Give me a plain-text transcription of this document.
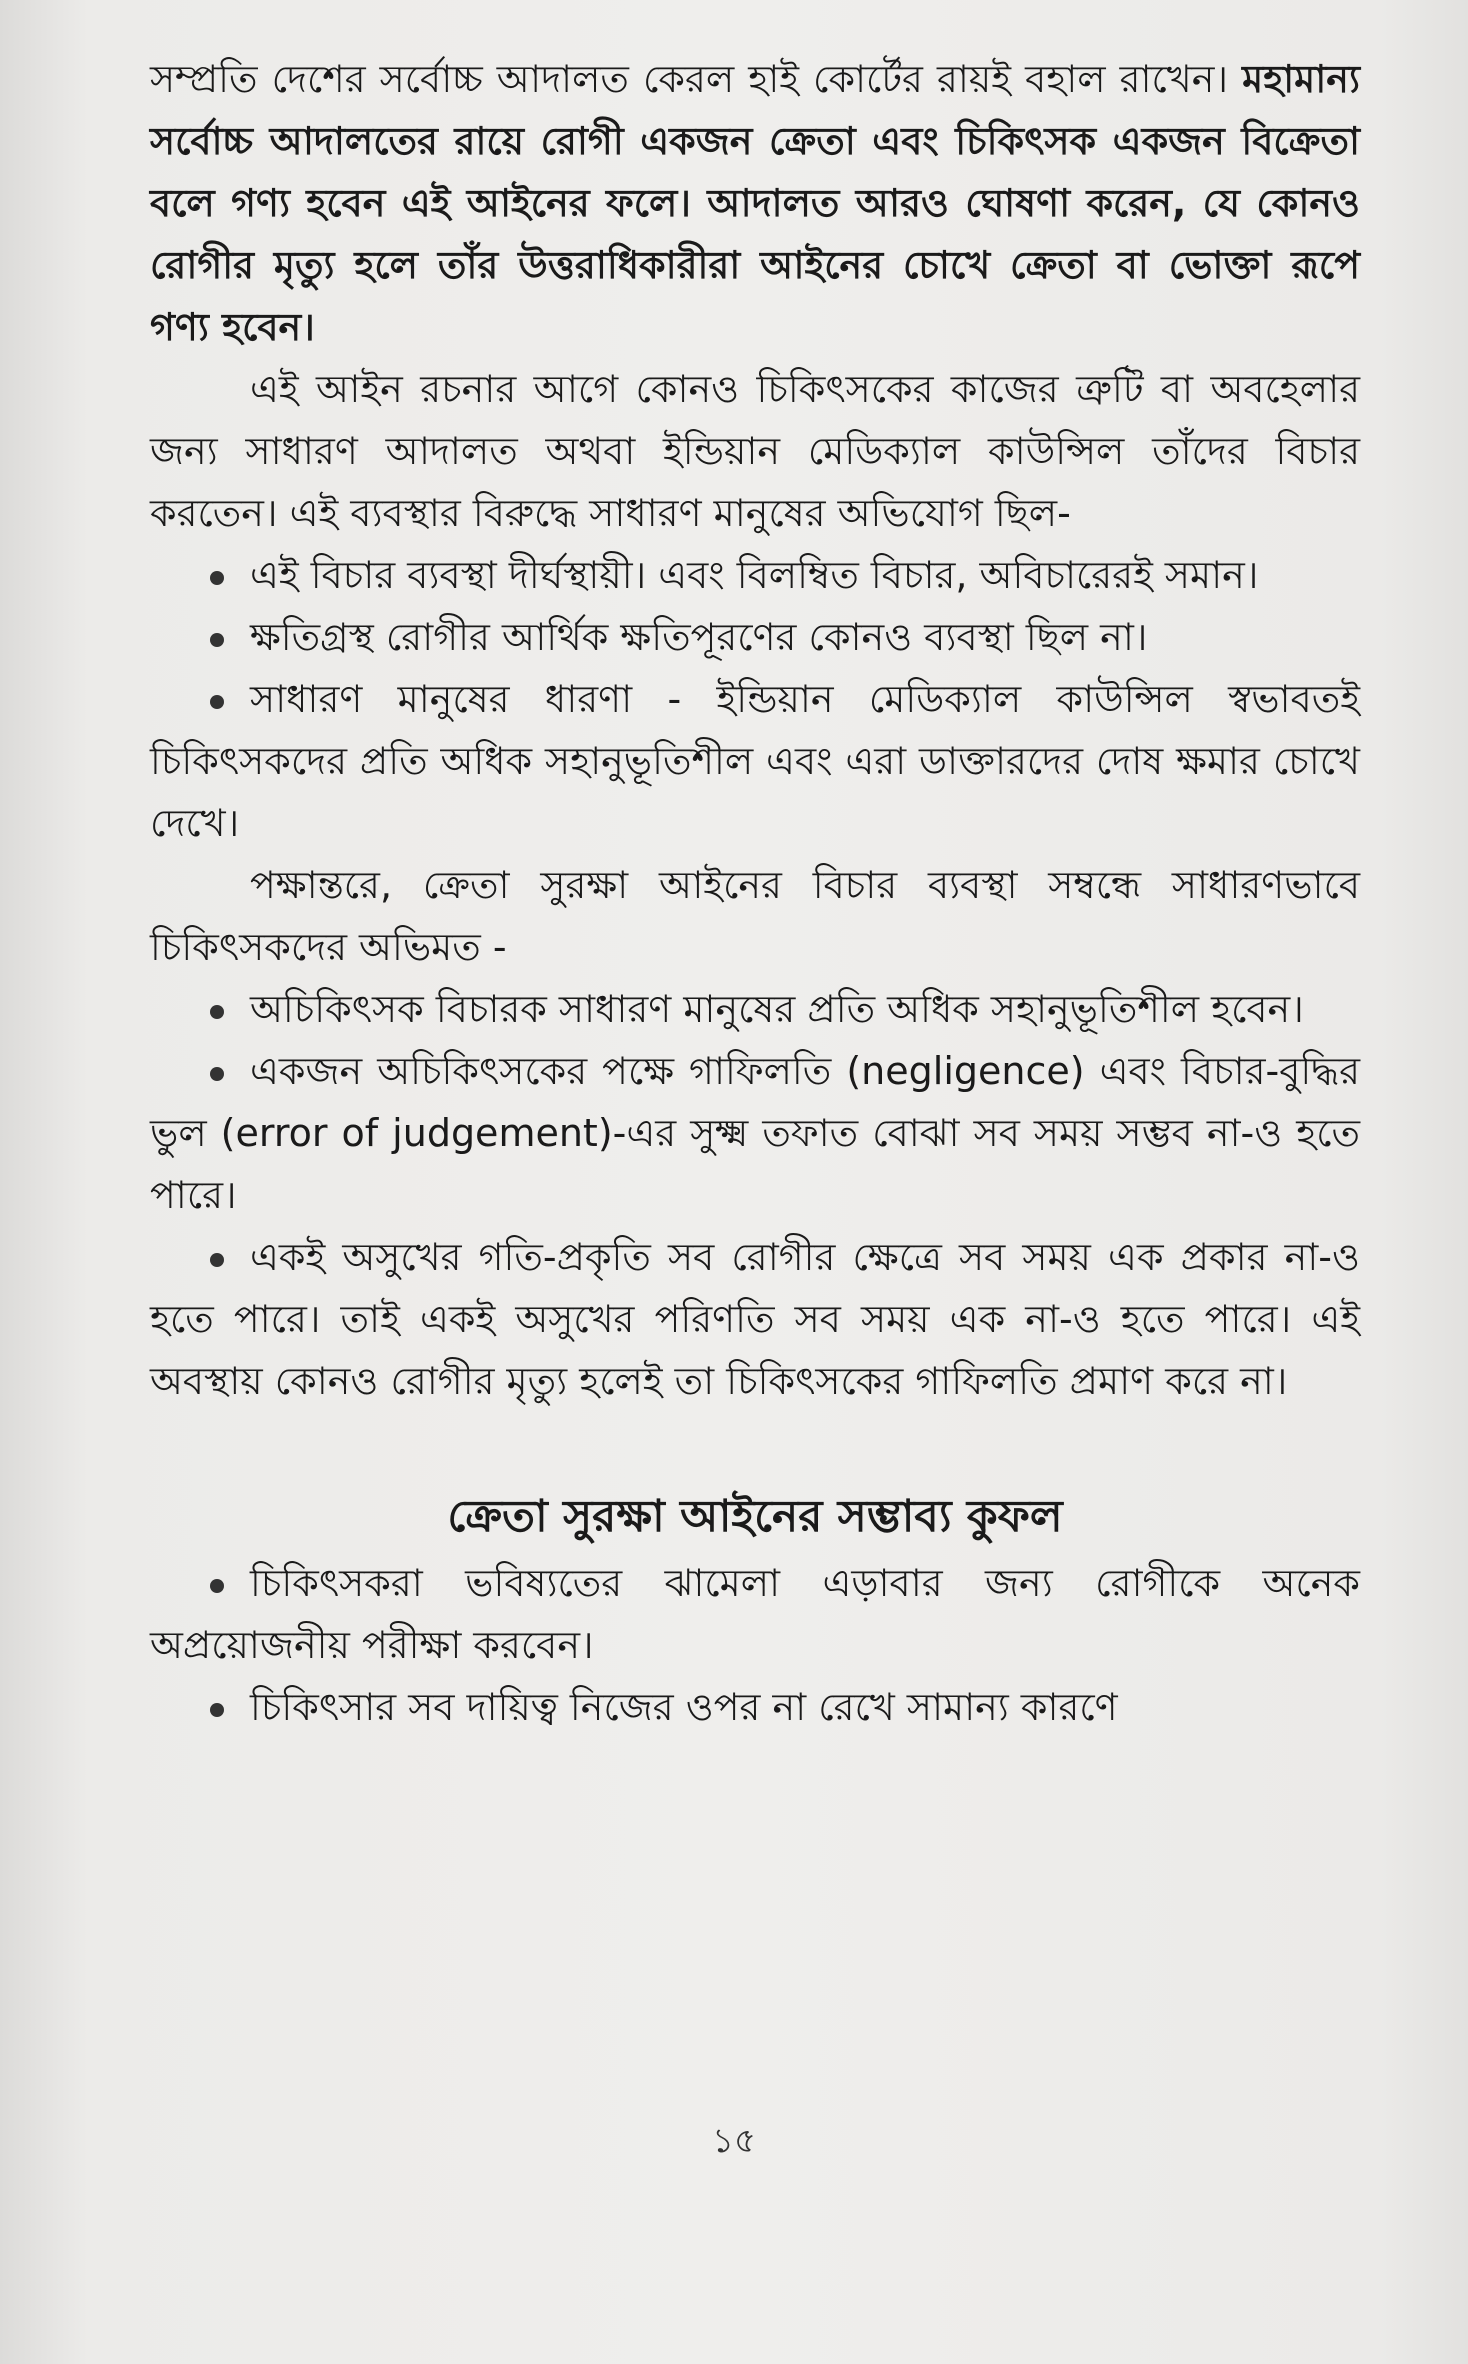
সম্প্রতি দেশের সর্বোচ্চ আদালত কেরল হাই কোর্টের রায়ই বহাল রাখেন। মহামান্য সর্বোচ্চ আদালতের রায়ে রোগী একজন ক্রেতা এবং চিকিৎসক একজন বিক্রেতা বলে গণ্য হবেন এই আইনের ফলে। আদালত আরও ঘোষণা করেন, যে কোনও রোগীর মৃত্যু হলে তাঁর উত্তরাধিকারীরা আইনের চোখে ক্রেতা বা ভোক্তা রূপে গণ্য হবেন।

এই আইন রচনার আগে কোনও চিকিৎসকের কাজের ত্রুটি বা অবহেলার জন্য সাধারণ আদালত অথবা ইন্ডিয়ান মেডিক্যাল কাউন্সিল তাঁদের বিচার করতেন। এই ব্যবস্থার বিরুদ্ধে সাধারণ মানুষের অভিযোগ ছিল-

এই বিচার ব্যবস্থা দীর্ঘস্থায়ী। এবং বিলম্বিত বিচার, অবিচারেরই সমান।

ক্ষতিগ্রস্থ রোগীর আর্থিক ক্ষতিপূরণের কোনও ব্যবস্থা ছিল না।

সাধারণ মানুষের ধারণা - ইন্ডিয়ান মেডিক্যাল কাউন্সিল স্বভাবতই চিকিৎসকদের প্রতি অধিক সহানুভূতিশীল এবং এরা ডাক্তারদের দোষ ক্ষমার চোখে দেখে।

পক্ষান্তরে, ক্রেতা সুরক্ষা আইনের বিচার ব্যবস্থা সম্বন্ধে সাধারণভাবে চিকিৎসকদের অভিমত -

অচিকিৎসক বিচারক সাধারণ মানুষের প্রতি অধিক সহানুভূতিশীল হবেন।

একজন অচিকিৎসকের পক্ষে গাফিলতি (negligence) এবং বিচার-বুদ্ধির ভুল (error of judgement)-এর সুক্ষ্ম তফাত বোঝা সব সময় সম্ভব না-ও হতে পারে।

একই অসুখের গতি-প্রকৃতি সব রোগীর ক্ষেত্রে সব সময় এক প্রকার না-ও হতে পারে। তাই একই অসুখের পরিণতি সব সময় এক না-ও হতে পারে। এই অবস্থায় কোনও রোগীর মৃত্যু হলেই তা চিকিৎসকের গাফিলতি প্রমাণ করে না।

ক্রেতা সুরক্ষা আইনের সম্ভাব্য কুফল

চিকিৎসকরা ভবিষ্যতের ঝামেলা এড়াবার জন্য রোগীকে অনেক অপ্রয়োজনীয় পরীক্ষা করবেন।

চিকিৎসার সব দায়িত্ব নিজের ওপর না রেখে সামান্য কারণে

১৫
